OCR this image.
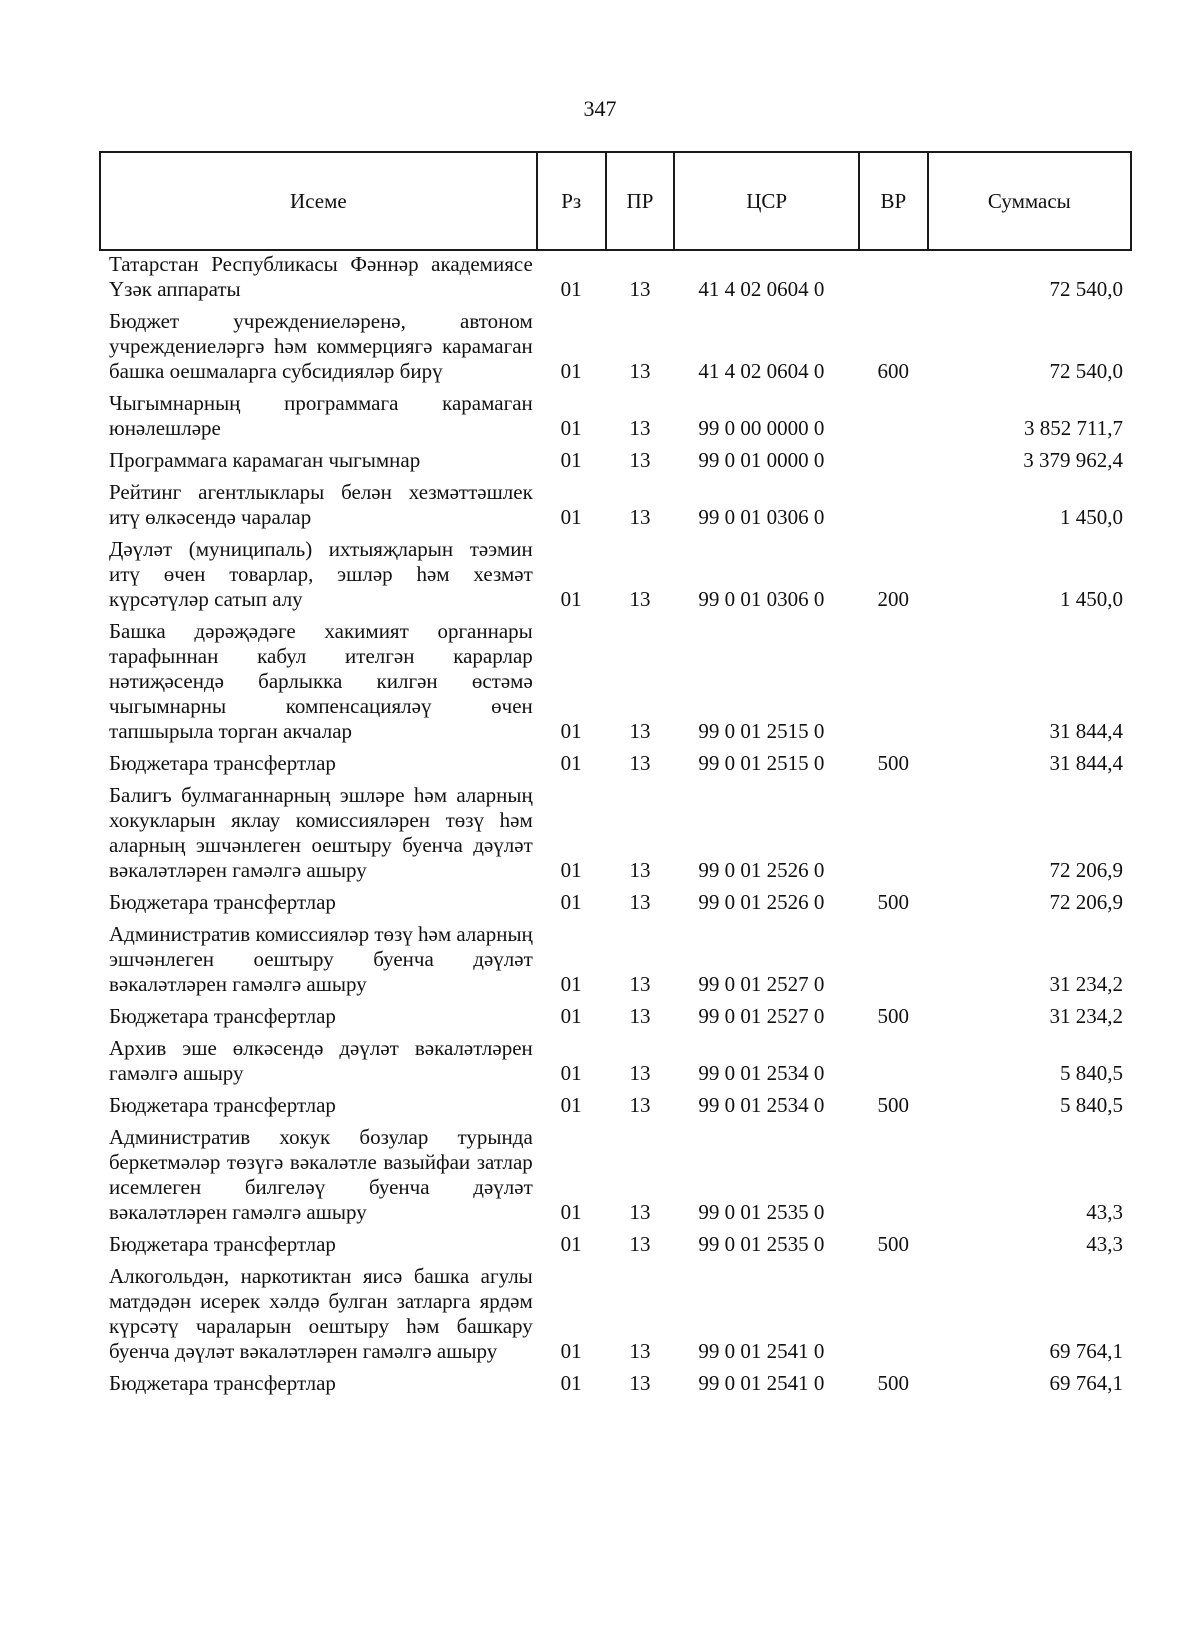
347
Исеме	Рз	ПР	ЦСР	ВР	Суммасы
Татарстан Республикасы Фәннәр академиясе Үзәк аппараты	01	13	41 4 02 0604 0		72 540,0
Бюджет учреждениеләренә, автоном учреждениеләргә һәм коммерциягә карамаган башка оешмаларга субсидияләр бирү	01	13	41 4 02 0604 0	600	72 540,0
Чыгымнарның программага карамаган юнәлешләре	01	13	99 0 00 0000 0		3 852 711,7
Программага карамаган чыгымнар	01	13	99 0 01 0000 0		3 379 962,4
Рейтинг агентлыклары белән хезмәттәшлек итү өлкәсендә чаралар	01	13	99 0 01 0306 0		1 450,0
Дәүләт (муниципаль) ихтыяҗларын тәэмин итү өчен товарлар, эшләр һәм хезмәт күрсәтүләр сатып алу	01	13	99 0 01 0306 0	200	1 450,0
Башка дәрәҗәдәге хакимият органнары тарафыннан кабул ителгән карарлар нәтиҗәсендә барлыкка килгән өстәмә чыгымнарны компенсацияләү өчен тапшырыла торган акчалар	01	13	99 0 01 2515 0		31 844,4
Бюджетара трансфертлар	01	13	99 0 01 2515 0	500	31 844,4
Балигъ булмаганнарның эшләре һәм аларның хокукларын яклау комиссияләрен төзү һәм аларның эшчәнлеген оештыру буенча дәүләт вәкаләтләрен гамәлгә ашыру	01	13	99 0 01 2526 0		72 206,9
Бюджетара трансфертлар	01	13	99 0 01 2526 0	500	72 206,9
Административ комиссияләр төзү һәм аларның эшчәнлеген оештыру буенча дәүләт вәкаләтләрен гамәлгә ашыру	01	13	99 0 01 2527 0		31 234,2
Бюджетара трансфертлар	01	13	99 0 01 2527 0	500	31 234,2
Архив эше өлкәсендә дәүләт вәкаләтләрен гамәлгә ашыру	01	13	99 0 01 2534 0		5 840,5
Бюджетара трансфертлар	01	13	99 0 01 2534 0	500	5 840,5
Административ хокук бозулар турында беркетмәләр төзүгә вәкаләтле вазыйфаи затлар исемлеген билгеләү буенча дәүләт вәкаләтләрен гамәлгә ашыру	01	13	99 0 01 2535 0		43,3
Бюджетара трансфертлар	01	13	99 0 01 2535 0	500	43,3
Алкогольдән, наркотиктан яисә башка агулы матдәдән исерек хәлдә булган затларга ярдәм күрсәтү чараларын оештыру һәм башкару буенча дәүләт вәкаләтләрен гамәлгә ашыру	01	13	99 0 01 2541 0		69 764,1
Бюджетара трансфертлар	01	13	99 0 01 2541 0	500	69 764,1
